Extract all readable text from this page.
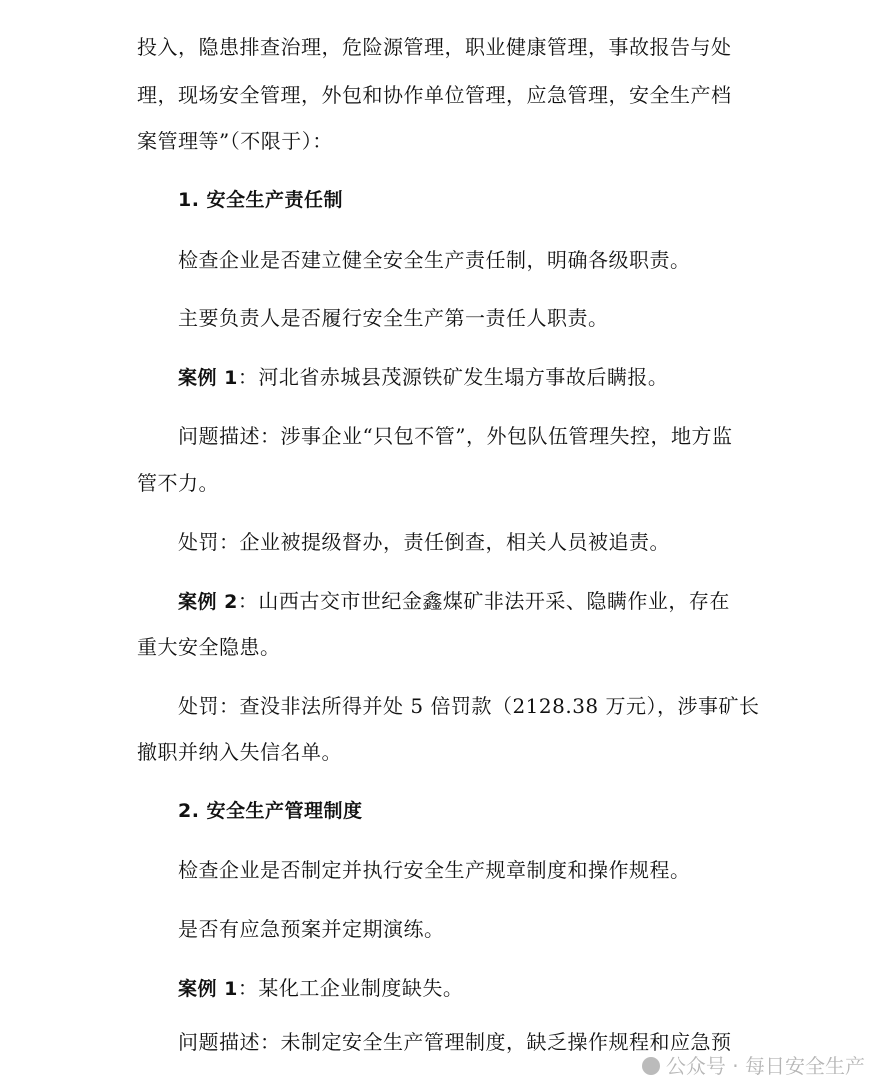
投入，隐患排查治理，危险源管理，职业健康管理，事故报告与处
理，现场安全管理，外包和协作单位管理，应急管理，安全生产档
案管理等”（不限于）：
1. 安全生产责任制
检查企业是否建立健全安全生产责任制，明确各级职责。
主要负责人是否履行安全生产第一责任人职责。
案例 1：河北省赤城县茂源铁矿发生塌方事故后瞒报。
问题描述：涉事企业“只包不管”，外包队伍管理失控，地方监
管不力。
处罚：企业被提级督办，责任倒查，相关人员被追责。
案例 2：山西古交市世纪金鑫煤矿非法开采、隐瞒作业，存在
重大安全隐患。
处罚：查没非法所得并处 5 倍罚款（2128.38 万元），涉事矿长
撤职并纳入失信名单。
2. 安全生产管理制度
检查企业是否制定并执行安全生产规章制度和操作规程。
是否有应急预案并定期演练。
案例 1：某化工企业制度缺失。
问题描述：未制定安全生产管理制度，缺乏操作规程和应急预
公众号 · 每日安全生产
